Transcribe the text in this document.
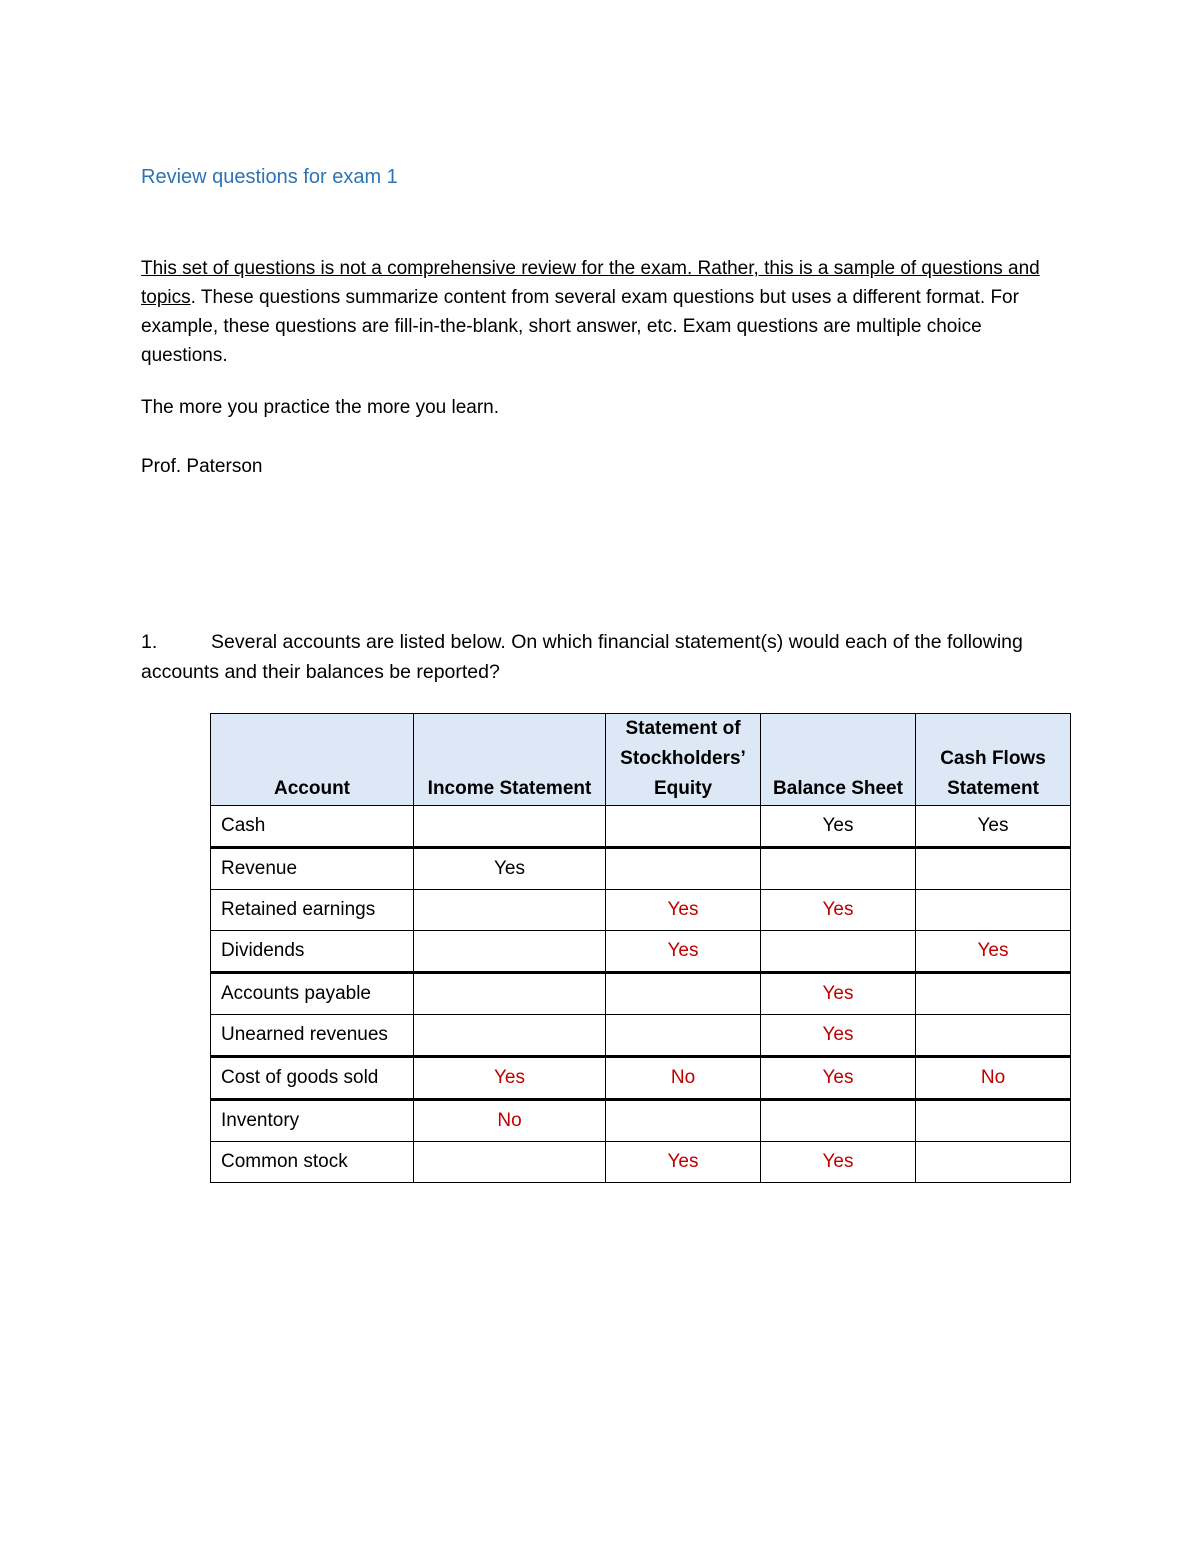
Review questions for exam 1
This set of questions is not a comprehensive review for the exam. Rather, this is a sample of questions and topics. These questions summarize content from several exam questions but uses a different format. For example, these questions are fill-in-the-blank, short answer, etc. Exam questions are multiple choice questions.
The more you practice the more you learn.
Prof. Paterson
1.	Several accounts are listed below. On which financial statement(s) would each of the following accounts and their balances be reported?
Account	Income Statement	Statement of Stockholders’ Equity	Balance Sheet	Cash Flows Statement
Cash			Yes	Yes
Revenue	Yes			
Retained earnings		Yes	Yes	
Dividends		Yes		Yes
Accounts payable			Yes	
Unearned revenues			Yes	
Cost of goods sold	Yes	No	Yes	No
Inventory	No			
Common stock		Yes	Yes	
